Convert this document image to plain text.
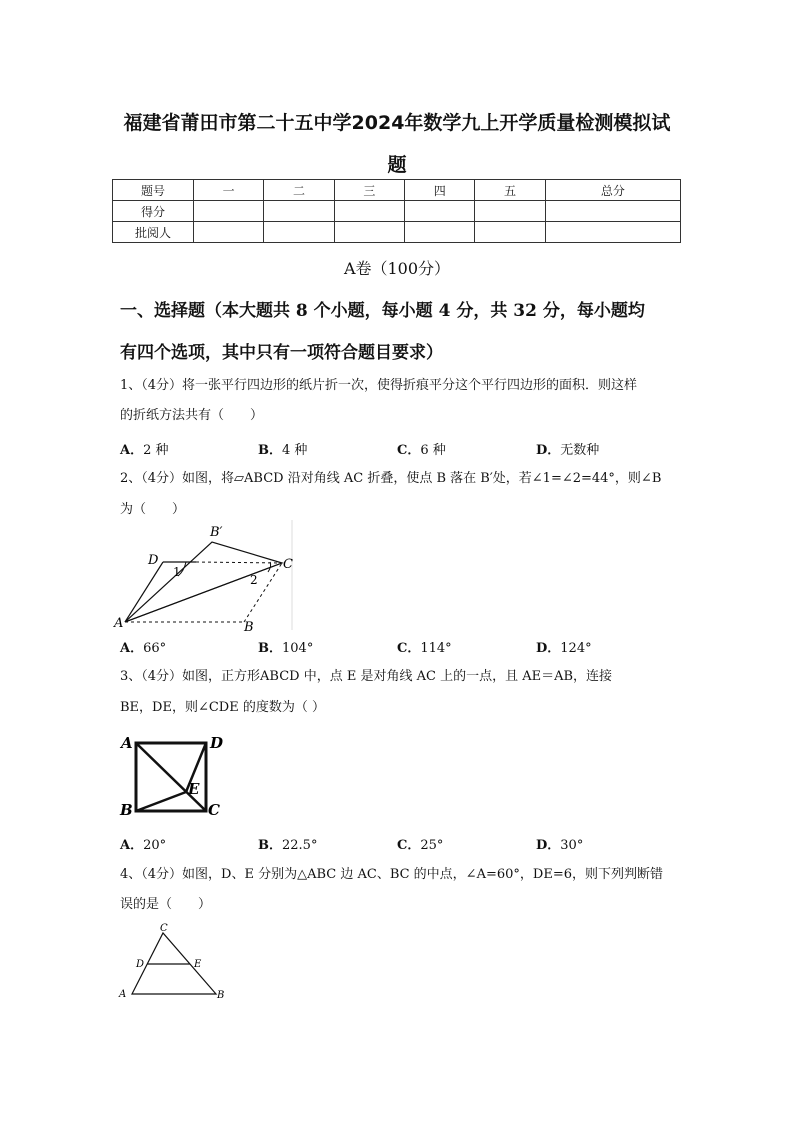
福建省莆田市第二十五中学2024年数学九上开学质量检测模拟试
题
题号	一	二	三	四	五	总分
得分						
批阅人						
A卷（100分）
一、选择题（本大题共 8 个小题，每小题 4 分，共 32 分，每小题均
有四个选项，其中只有一项符合题目要求）
1、（4分）将一张平行四边形的纸片折一次，使得折痕平分这个平行四边形的面积．则这样
的折纸方法共有（　　）
A．2 种	B．4 种	C．6 种	D．无数种
2、（4分）如图，将▱ABCD 沿对角线 AC 折叠，使点 B 落在 B′处，若∠1=∠2=44°，则∠B
为（　　）
D
B′
C
A	B
1
2
A．66°	B．104°	C．114°	D．124°
3、（4分）如图，正方形ABCD 中，点 E 是对角线 AC 上的一点，且 AE＝AB，连接
BE，DE，则∠CDE 的度数为（ ）
A	D
B	C
E
A．20°	B．22.5°	C．25°	D．30°
4、（4分）如图，D、E 分别为△ABC 边 AC、BC 的中点，∠A=60°，DE=6，则下列判断错
误的是（　　）
C
D	E
A	B
